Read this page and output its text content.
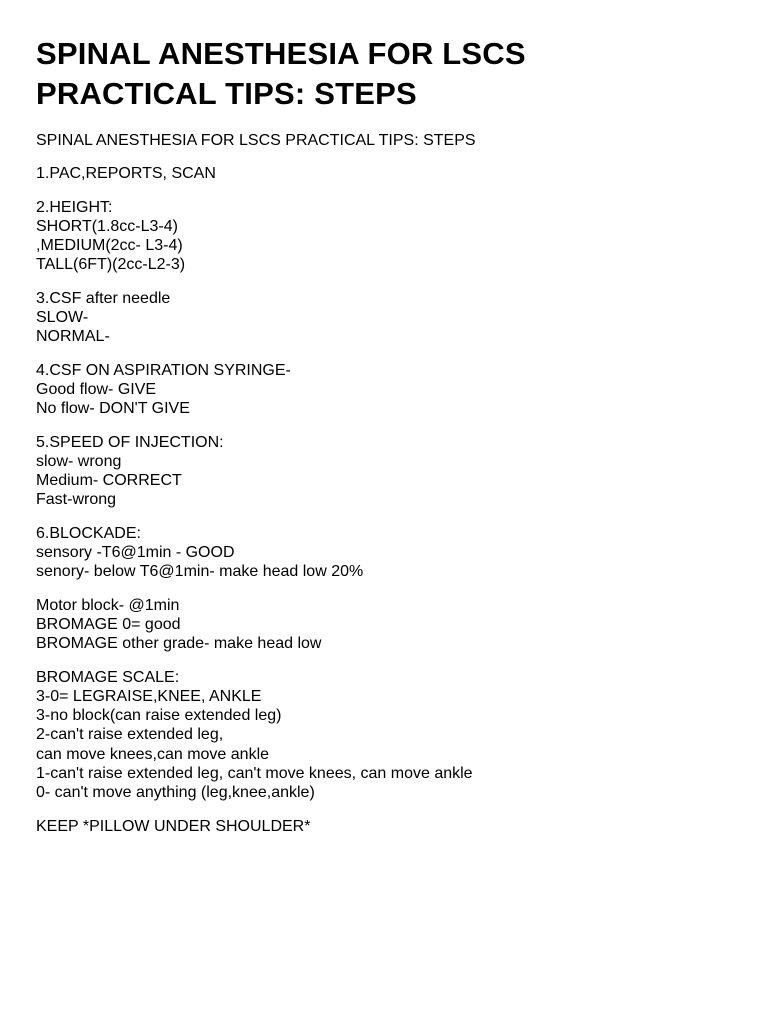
SPINAL ANESTHESIA FOR LSCS
PRACTICAL TIPS: STEPS

SPINAL ANESTHESIA FOR LSCS PRACTICAL TIPS: STEPS

1.PAC,REPORTS, SCAN

2.HEIGHT:
SHORT(1.8cc-L3-4)
,MEDIUM(2cc- L3-4)
TALL(6FT)(2cc-L2-3)

3.CSF after needle
SLOW-
NORMAL-

4.CSF ON ASPIRATION SYRINGE-
Good flow- GIVE
No flow- DON'T GIVE

5.SPEED OF INJECTION:
slow- wrong
Medium- CORRECT
Fast-wrong

6.BLOCKADE:
sensory -T6@1min - GOOD
senory- below T6@1min- make head low 20%

Motor block- @1min
BROMAGE 0= good
BROMAGE other grade- make head low

BROMAGE SCALE:
3-0= LEGRAISE,KNEE, ANKLE
3-no block(can raise extended leg)
2-can't raise extended leg,
can move knees,can move ankle
1-can't raise extended leg, can't move knees, can move ankle
0- can't move anything (leg,knee,ankle)

KEEP *PILLOW UNDER SHOULDER*
